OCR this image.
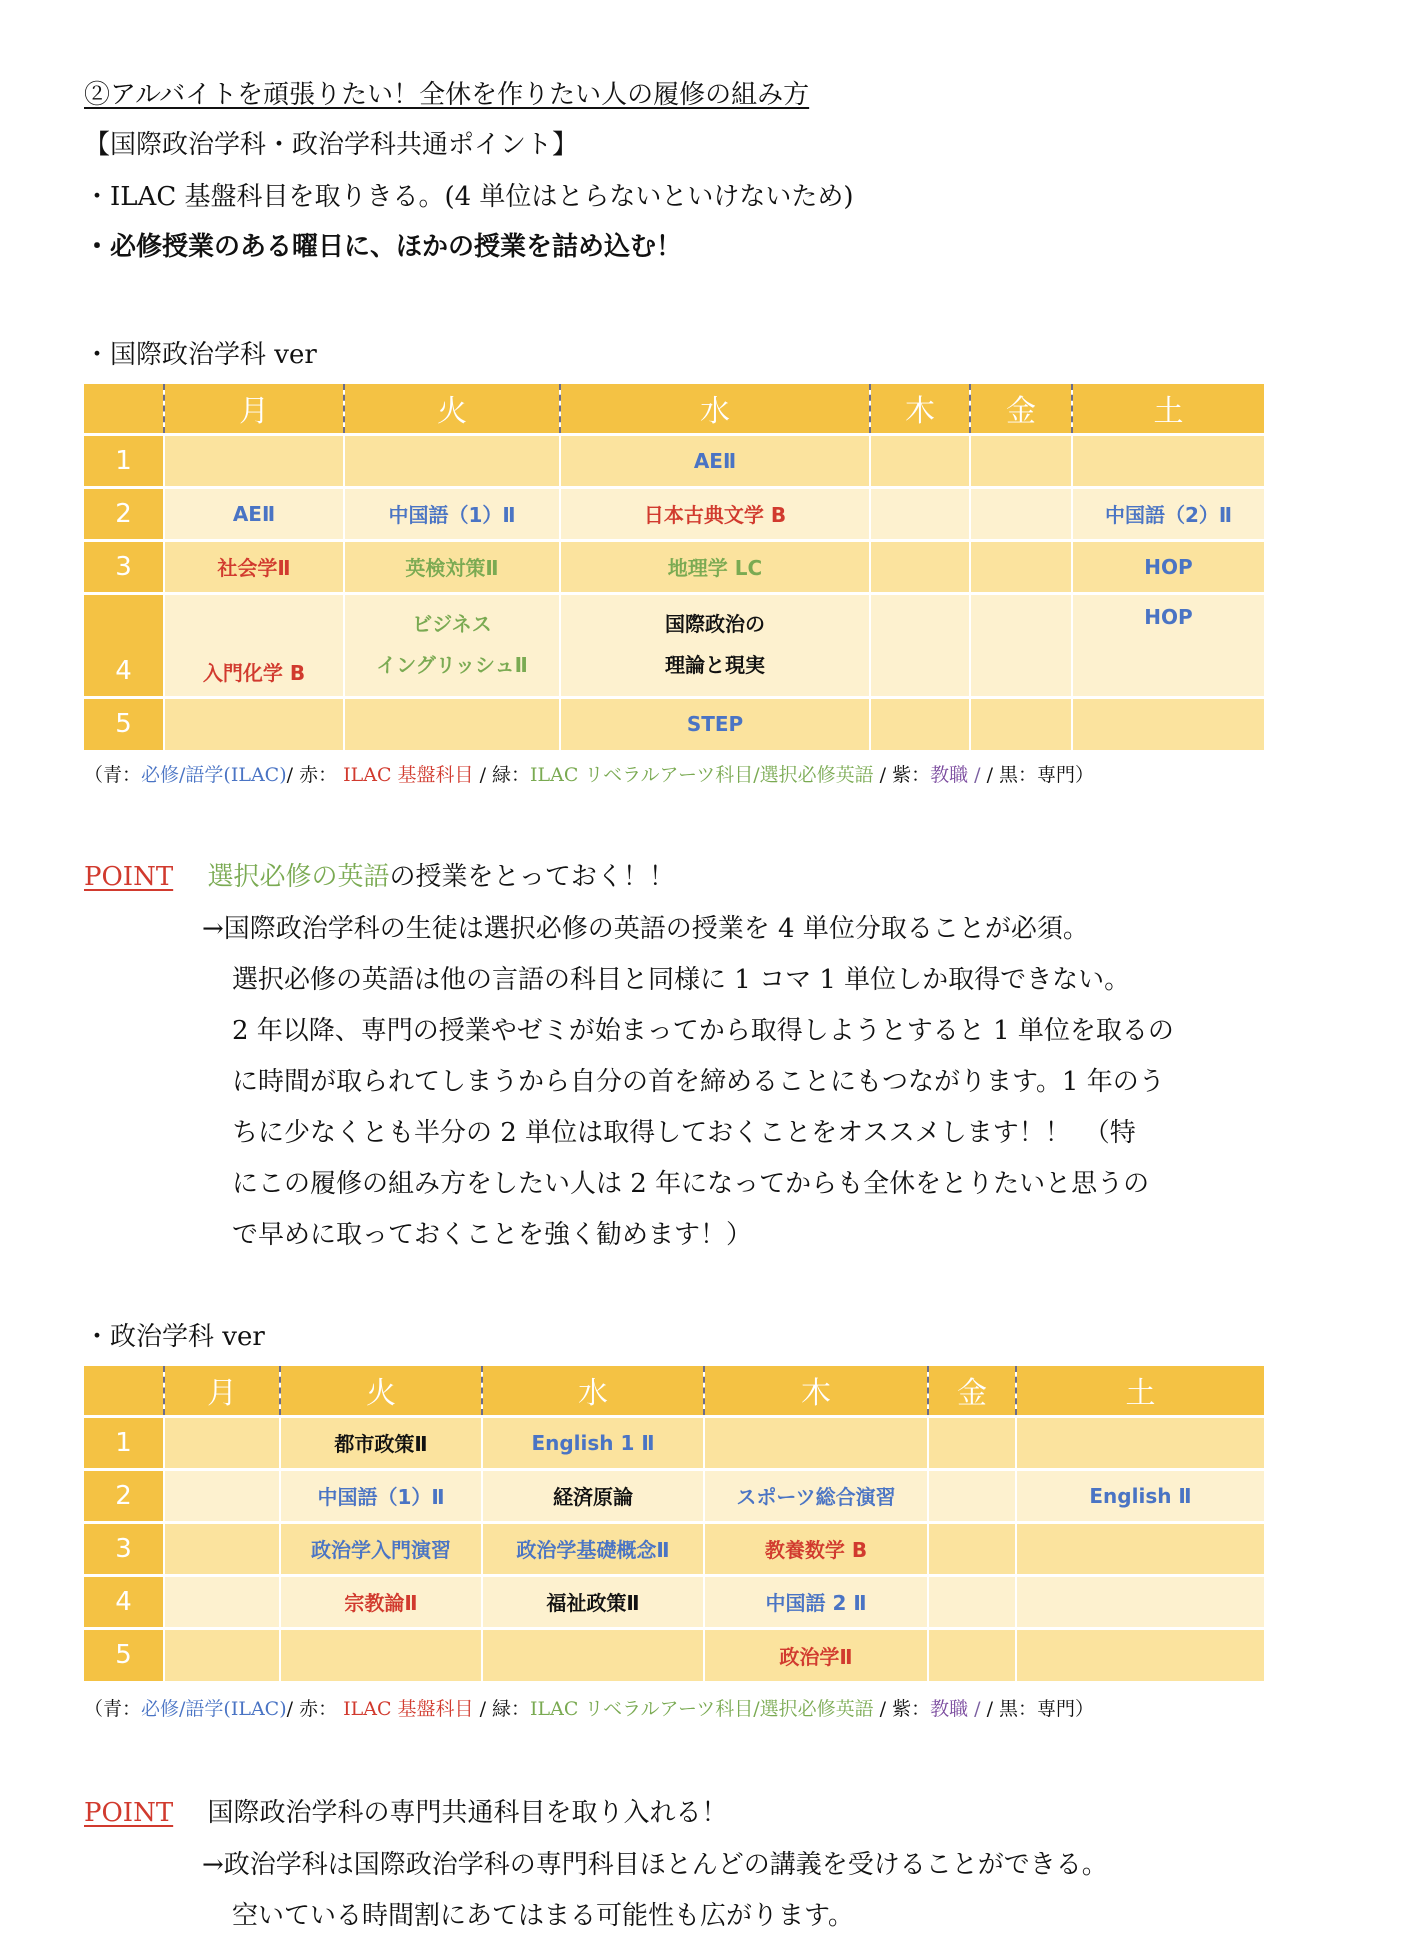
②アルバイトを頑張りたい！全休を作りたい人の履修の組み方
【国際政治学科・政治学科共通ポイント】
・ILAC 基盤科目を取りきる。(4 単位はとらないといけないため)
・必修授業のある曜日に、ほかの授業を詰め込む！
・国際政治学科 ver
	月	火	水	木	金	土
1			AEⅡ			
2	AEⅡ	中国語（1）Ⅱ	日本古典文学 B			中国語（2）Ⅱ
3	社会学Ⅱ	英検対策Ⅱ	地理学 LC			HOP
4	入門化学 B	ビジネス
イングリッシュⅡ	国際政治の
理論と現実			HOP
5			STEP			
（青：必修/語学(ILAC)/ 赤： ILAC 基盤科目 / 緑：ILAC リベラルアーツ科目/選択必修英語 / 紫：教職 / / 黒：専門）
POINT 選択必修の英語の授業をとっておく！！
→国際政治学科の生徒は選択必修の英語の授業を 4 単位分取ることが必須。
選択必修の英語は他の言語の科目と同様に 1 コマ 1 単位しか取得できない。
2 年以降、専門の授業やゼミが始まってから取得しようとすると 1 単位を取るの
に時間が取られてしまうから自分の首を締めることにもつながります。1 年のう
ちに少なくとも半分の 2 単位は取得しておくことをオススメします！！　（特
にこの履修の組み方をしたい人は 2 年になってからも全休をとりたいと思うの
で早めに取っておくことを強く勧めます！）
・政治学科 ver
	月	火	水	木	金	土
1		都市政策Ⅱ	English 1 Ⅱ			
2		中国語（1）Ⅱ	経済原論	スポーツ総合演習		English Ⅱ
3		政治学入門演習	政治学基礎概念Ⅱ	教養数学 B		
4		宗教論Ⅱ	福祉政策Ⅱ	中国語 2 Ⅱ		
5				政治学Ⅱ		
（青：必修/語学(ILAC)/ 赤： ILAC 基盤科目 / 緑：ILAC リベラルアーツ科目/選択必修英語 / 紫：教職 / / 黒：専門）
POINT 国際政治学科の専門共通科目を取り入れる！
→政治学科は国際政治学科の専門科目ほとんどの講義を受けることができる。
空いている時間割にあてはまる可能性も広がります。
